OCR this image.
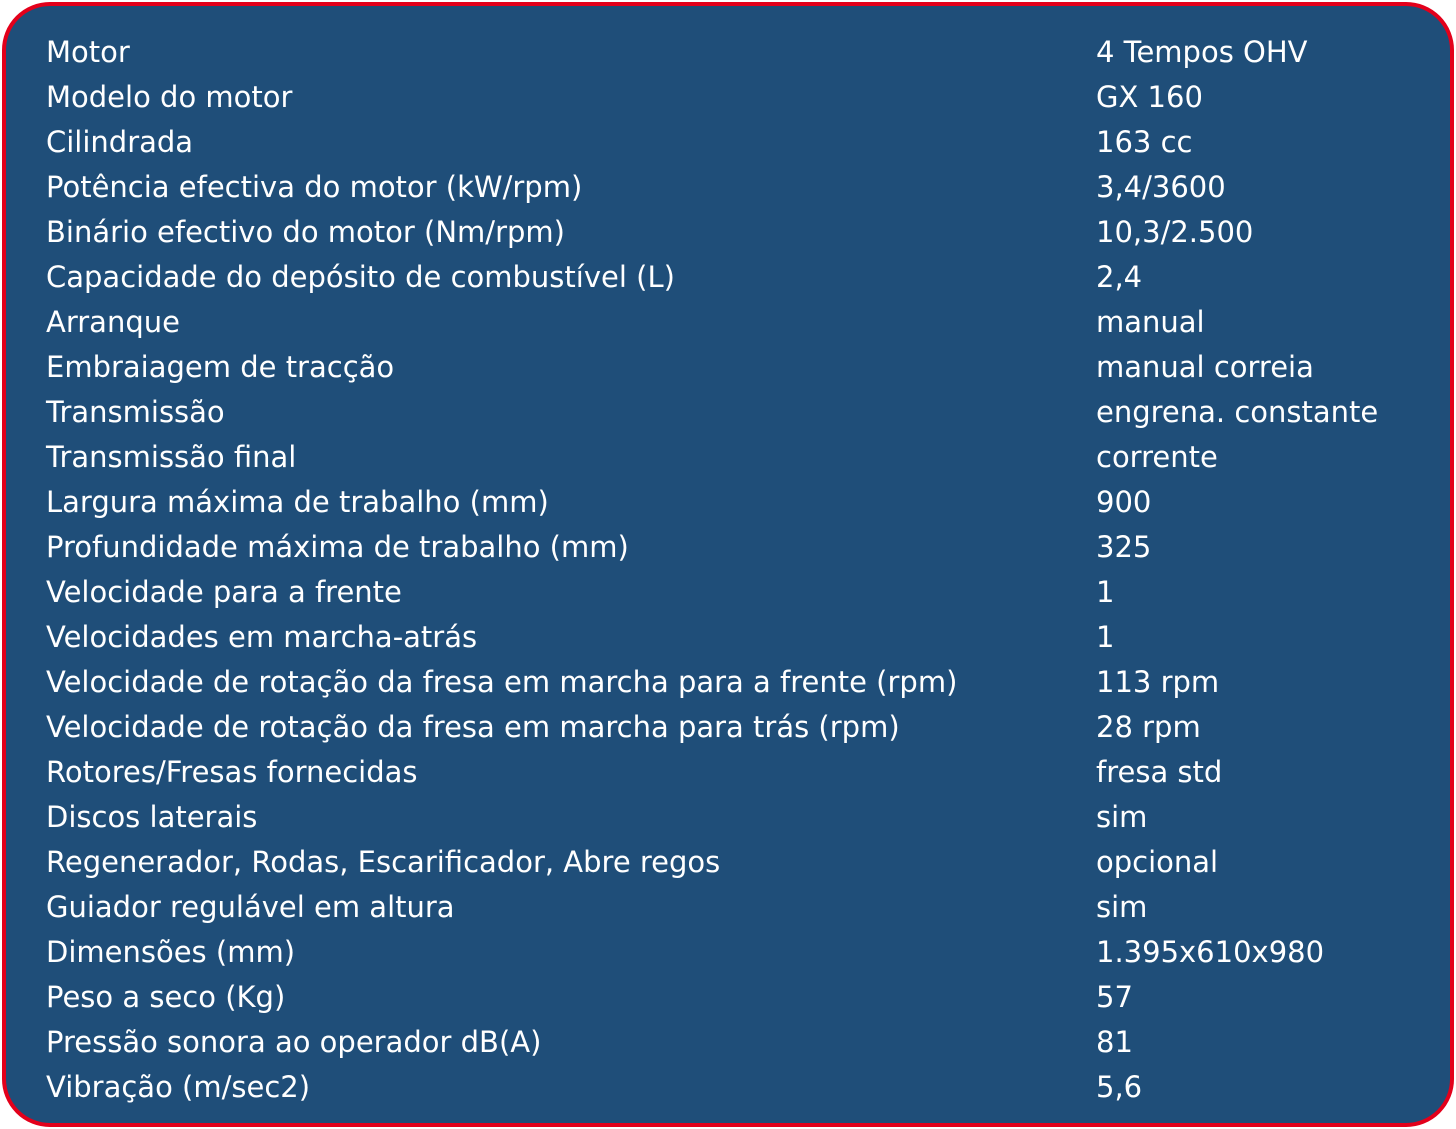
Motor	4 Tempos OHV
Modelo do motor	GX 160
Cilindrada	163 cc
Potência efectiva do motor (kW/rpm)	3,4/3600
Binário efectivo do motor (Nm/rpm)	10,3/2.500
Capacidade do depósito de combustível (L)	2,4
Arranque	manual
Embraiagem de tracção	manual correia
Transmissão	engrena. constante
Transmissão final	corrente
Largura máxima de trabalho (mm)	900
Profundidade máxima de trabalho (mm)	325
Velocidade para a frente	1
Velocidades em marcha-atrás	1
Velocidade de rotação da fresa em marcha para a frente (rpm)	113 rpm
Velocidade de rotação da fresa em marcha para trás (rpm)	28 rpm
Rotores/Fresas fornecidas	fresa std
Discos laterais	sim
Regenerador, Rodas, Escarificador, Abre regos	opcional
Guiador regulável em altura	sim
Dimensões (mm)	1.395x610x980
Peso a seco (Kg)	57
Pressão sonora ao operador dB(A)	81
Vibração (m/sec2)	5,6
